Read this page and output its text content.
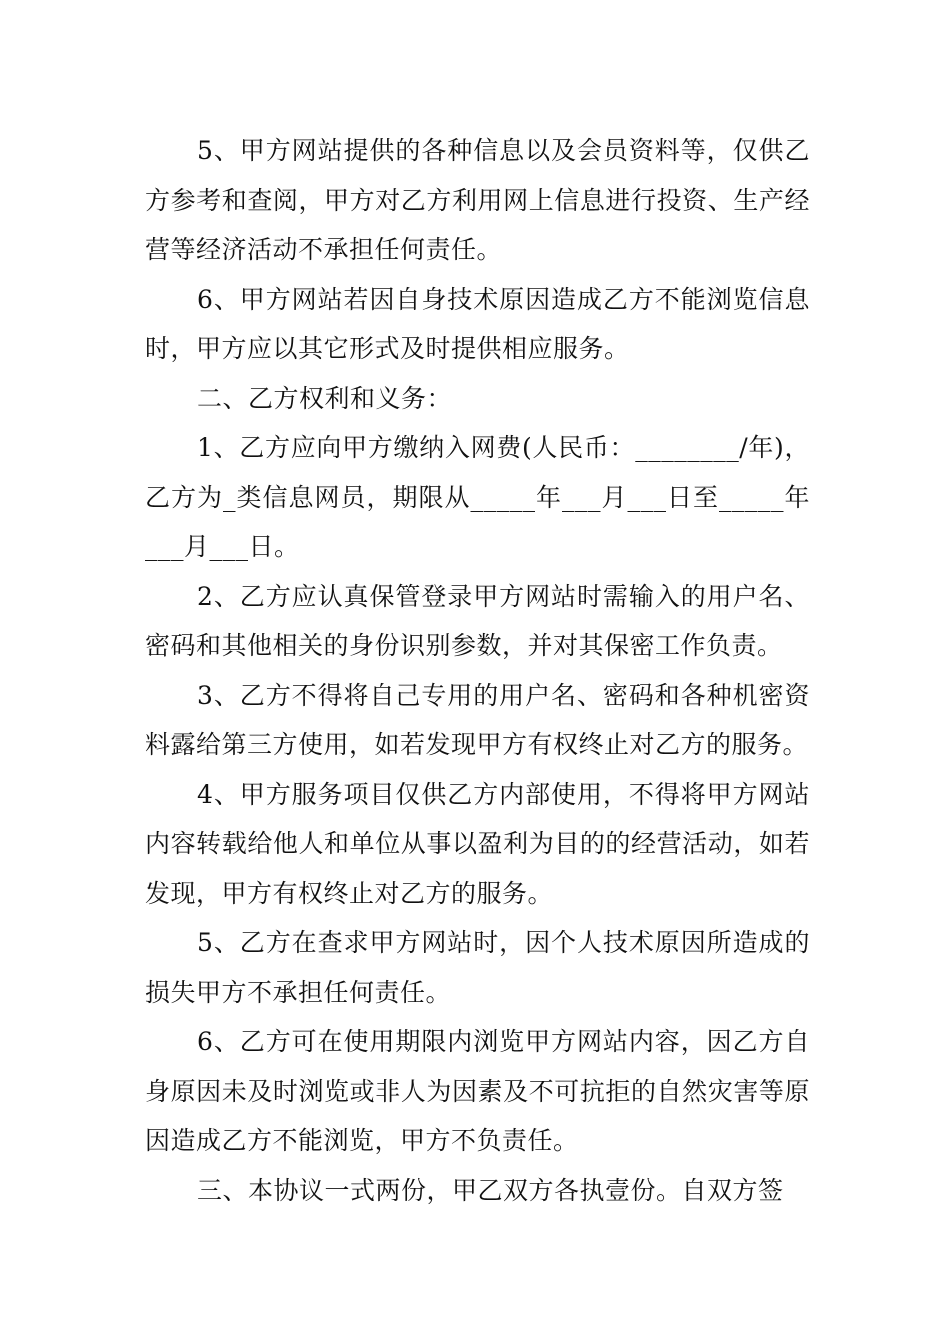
5、甲方网站提供的各种信息以及会员资料等，仅供乙方参考和查阅，甲方对乙方利用网上信息进行投资、生产经营等经济活动不承担任何责任。

6、甲方网站若因自身技术原因造成乙方不能浏览信息时，甲方应以其它形式及时提供相应服务。

二、乙方权利和义务：

1、乙方应向甲方缴纳入网费(人民币：________/年)，乙方为_类信息网员，期限从_____年___月___日至_____年___月___日。

2、乙方应认真保管登录甲方网站时需输入的用户名、密码和其他相关的身份识别参数，并对其保密工作负责。

3、乙方不得将自己专用的用户名、密码和各种机密资料露给第三方使用，如若发现甲方有权终止对乙方的服务。

4、甲方服务项目仅供乙方内部使用，不得将甲方网站内容转载给他人和单位从事以盈利为目的的经营活动，如若发现，甲方有权终止对乙方的服务。

5、乙方在查求甲方网站时，因个人技术原因所造成的损失甲方不承担任何责任。

6、乙方可在使用期限内浏览甲方网站内容，因乙方自身原因未及时浏览或非人为因素及不可抗拒的自然灾害等原因造成乙方不能浏览，甲方不负责任。

三、本协议一式两份，甲乙双方各执壹份。自双方签
